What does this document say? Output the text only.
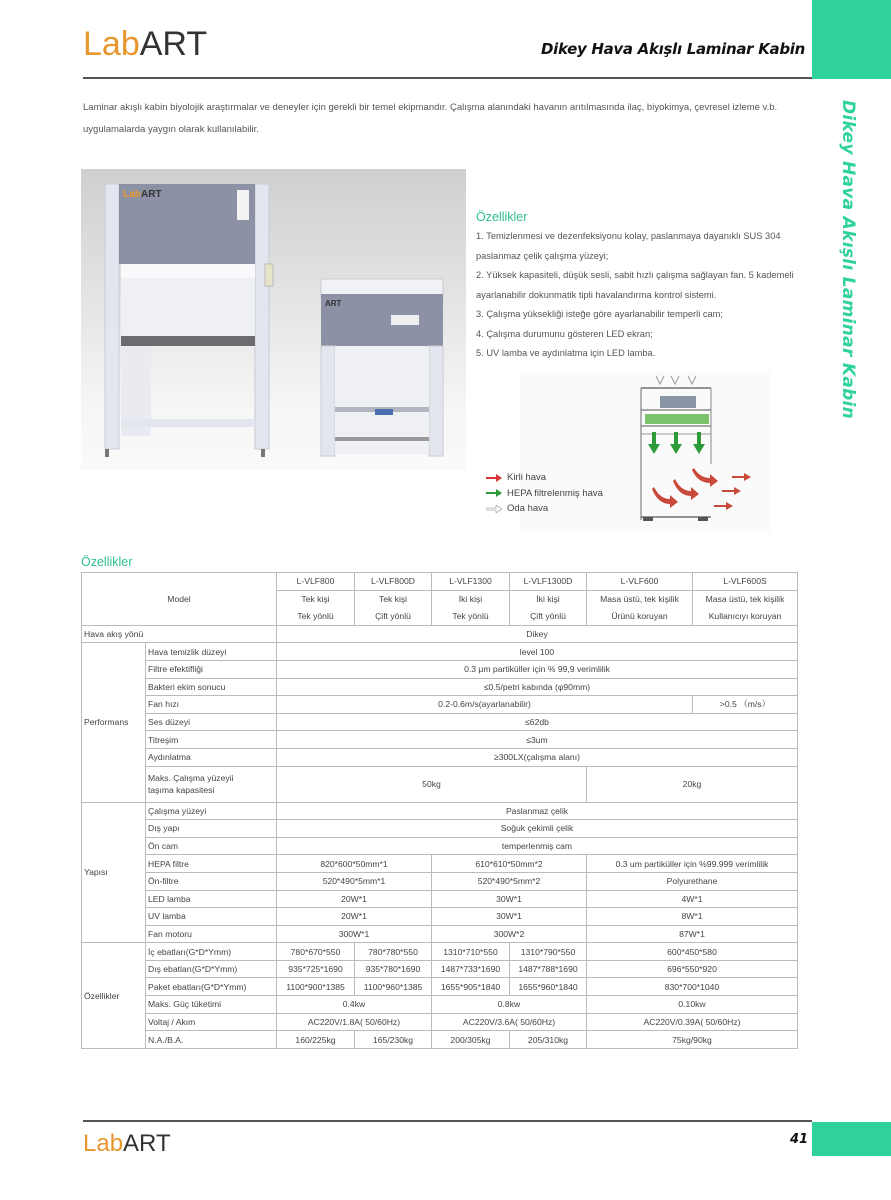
LabART	Dikey Hava Akışlı Laminar Kabin
Dikey Hava Akışlı Laminar Kabin

Laminar akışlı kabin biyolojik araştırmalar ve deneyler için gerekli bir temel ekipmandır. Çalışma alanındaki havanın arıtılmasında ilaç, biyokimya, çevresel izleme v.b. uygulamalarda yaygın olarak kullanılabilir.

Lab ART
ART
Özellikler
1. Temizlenmesi ve dezenfeksiyonu kolay, paslanmaya dayanıklı SUS 304 paslanmaz çelik çalışma yüzeyi;
2. Yüksek kapasiteli, düşük sesli, sabit hızlı çalışma sağlayan fan. 5 kademeli ayarlanabilir dokunmatik tipli havalandırma kontrol sistemi.
3. Çalışma yüksekliği isteğe göre ayarlanabilir temperli cam;
4. Çalışma durumunu gösteren LED ekran;
5. UV lamba ve aydınlatma için LED lamba.
Kirli hava
HEPA filtrelenmiş hava
Oda hava
Özellikler
Model		L-VLF800	L-VLF800D	L-VLF1300	L-VLF1300D	L-VLF600	L-VLF600S
		Tek kişi	Tek kişi	İki kişi	İki kişi	Masa üstü, tek kişilik	Masa üstü, tek kişilik
		Tek yönlü	Çift yönlü	Tek yönlü	Çift yönlü	Ürünü koruyan	Kullanıcıyı koruyan
Hava akış yönü		Dikey					
Performans	Hava temizlik düzeyi	level 100					
	Filtre efektifliği	0.3 μm partiküller için % 99,9 verimlilik					
	Bakteri ekim sonucu	≤0.5/petri kabında (φ90mm)					
	Fan hızı	0.2-0.6m/s(ayarlanabilir)					>0.5 （m/s）
	Ses düzeyi	≤62db					
	Titreşim	≤3um					
	Aydınlatma	≥300LX(çalışma alanı)					
	Maks. Çalışma yüzeyii
taşıma kapasitesi	50kg				20kg	
Yapısı	Çalışma yüzeyi	Paslanmaz çelik					
	Dış yapı	Soğuk çekimli çelik					
	Ön cam	temperlenmiş cam					
	HEPA filtre	820*600*50mm*1		610*610*50mm*2		0.3 um partiküller için %99.999 verimlilik	
	Ön-filtre	520*490*5mm*1		520*490*5mm*2		Polyurethane	
	LED lamba	20W*1		30W*1		4W*1	
	UV lamba	20W*1		30W*1		8W*1	
	Fan motoru	300W*1		300W*2		87W*1	
Özellikler	İç ebatları(G*D*Ymm)	780*670*550	780*780*550	1310*710*550	1310*790*550	600*450*580	
	Dış ebatları(G*D*Ymm)	935*725*1690	935*780*1690	1487*733*1690	1487*788*1690	696*550*920	
	Paket ebatları(G*D*Ymm)	1100*900*1385	1100*960*1385	1655*905*1840	1655*960*1840	830*700*1040	
	Maks. Güç tüketimi	0.4kw		0.8kw		0.10kw	
	Voltaj / Akım	AC220V/1.8A( 50/60Hz)		AC220V/3.6A( 50/60Hz)		AC220V/0.39A( 50/60Hz)	
	N.A./B.A.	160/225kg	165/230kg	200/305kg	205/310kg	75kg/90kg	
LabART	41
